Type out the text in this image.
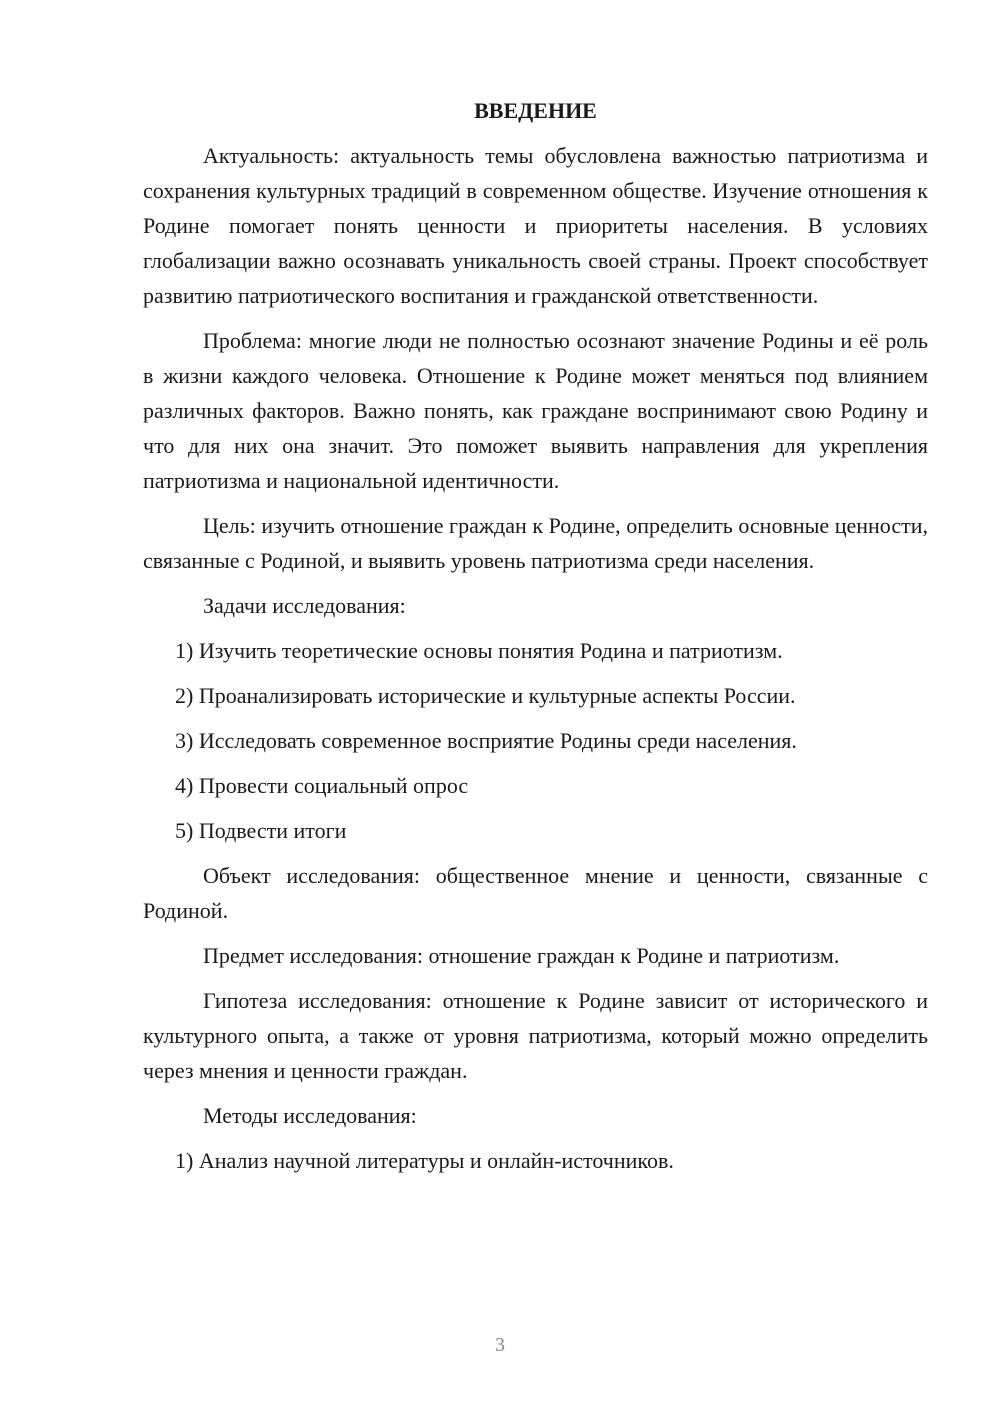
ВВЕДЕНИЕ

Актуальность: актуальность темы обусловлена важностью патриотизма и сохранения культурных традиций в современном обществе. Изучение отношения к Родине помогает понять ценности и приоритеты населения. В условиях глобализации важно осознавать уникальность своей страны. Проект способствует развитию патриотического воспитания и гражданской ответственности.

Проблема: многие люди не полностью осознают значение Родины и её роль в жизни каждого человека. Отношение к Родине может меняться под влиянием различных факторов. Важно понять, как граждане воспринимают свою Родину и что для них она значит. Это поможет выявить направления для укрепления патриотизма и национальной идентичности.

Цель: изучить отношение граждан к Родине, определить основные ценности, связанные с Родиной, и выявить уровень патриотизма среди населения.

Задачи исследования:

1) Изучить теоретические основы понятия Родина и патриотизм.

2) Проанализировать исторические и культурные аспекты России.

3) Исследовать современное восприятие Родины среди населения.

4) Провести социальный опрос

5) Подвести итоги

Объект исследования: общественное мнение и ценности, связанные с Родиной.

Предмет исследования: отношение граждан к Родине и патриотизм.

Гипотеза исследования: отношение к Родине зависит от исторического и культурного опыта, а также от уровня патриотизма, который можно определить через мнения и ценности граждан.

Методы исследования:

1) Анализ научной литературы и онлайн-источников.

3
